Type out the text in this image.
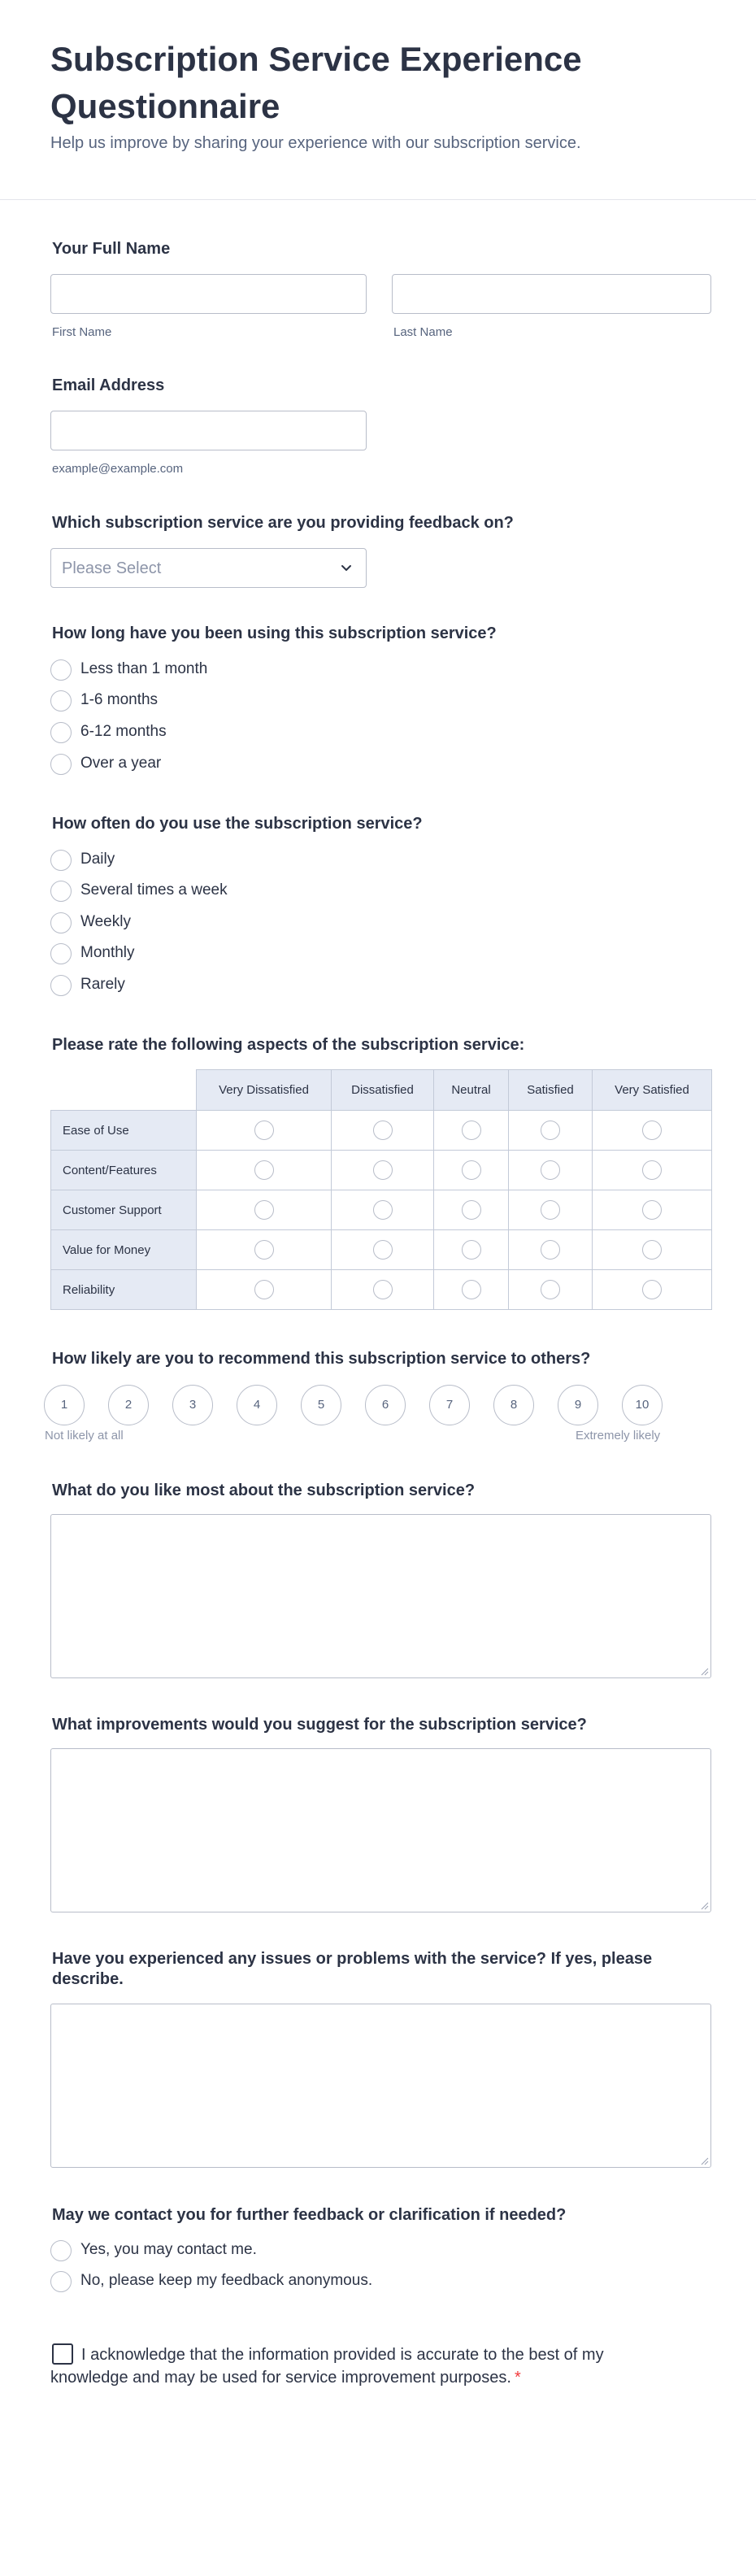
Subscription Service Experience Questionnaire
Help us improve by sharing your experience with our subscription service.
Your Full Name
First Name	Last Name
Email Address
example@example.com
Which subscription service are you providing feedback on?
Please Select
How long have you been using this subscription service?
Less than 1 month
1-6 months
6-12 months
Over a year
How often do you use the subscription service?
Daily
Several times a week
Weekly
Monthly
Rarely
Please rate the following aspects of the subscription service:
	Very Dissatisfied	Dissatisfied	Neutral	Satisfied	Very Satisfied
Ease of Use					
Content/Features					
Customer Support					
Value for Money					
Reliability					
How likely are you to recommend this subscription service to others?
1	2	3	4	5	6	7	8	9	10
Not likely at all	Extremely likely
What do you like most about the subscription service?
What improvements would you suggest for the subscription service?
Have you experienced any issues or problems with the service? If yes, please describe.
May we contact you for further feedback or clarification if needed?
Yes, you may contact me.
No, please keep my feedback anonymous.
I acknowledge that the information provided is accurate to the best of my knowledge and may be used for service improvement purposes. *
